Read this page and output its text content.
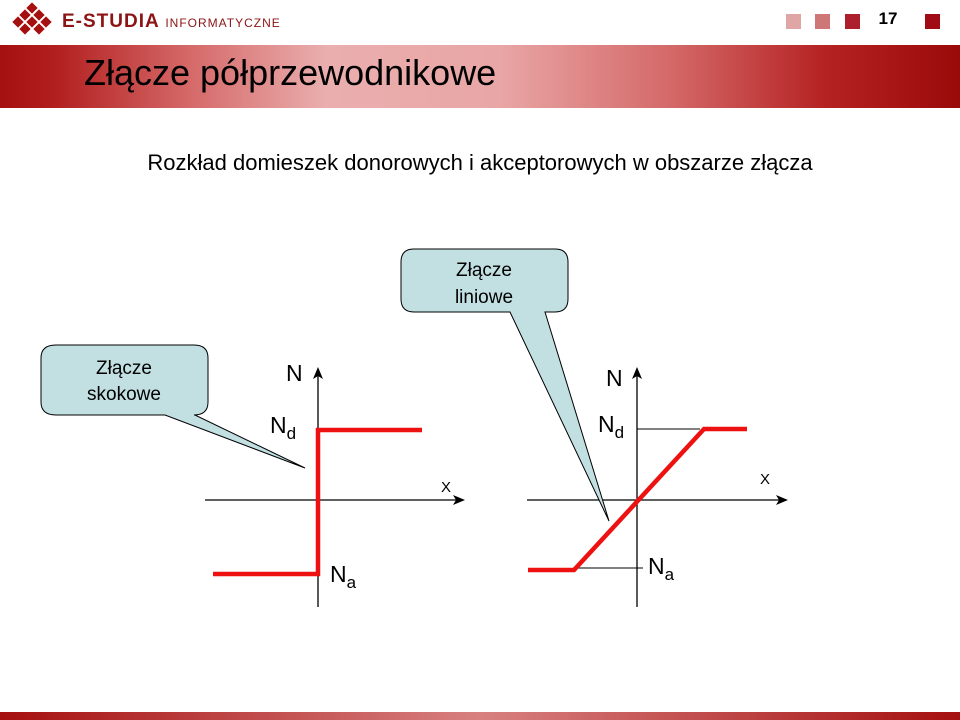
E-STUDIA INFORMATYCZNE	17
Złącze półprzewodnikowe
Rozkład domieszek donorowych i akceptorowych w obszarze złącza
N
X
$N_d$
$N_a$
Złącze
skokowe
N
X
$N_d$
$N_a$
Złącze
liniowe
